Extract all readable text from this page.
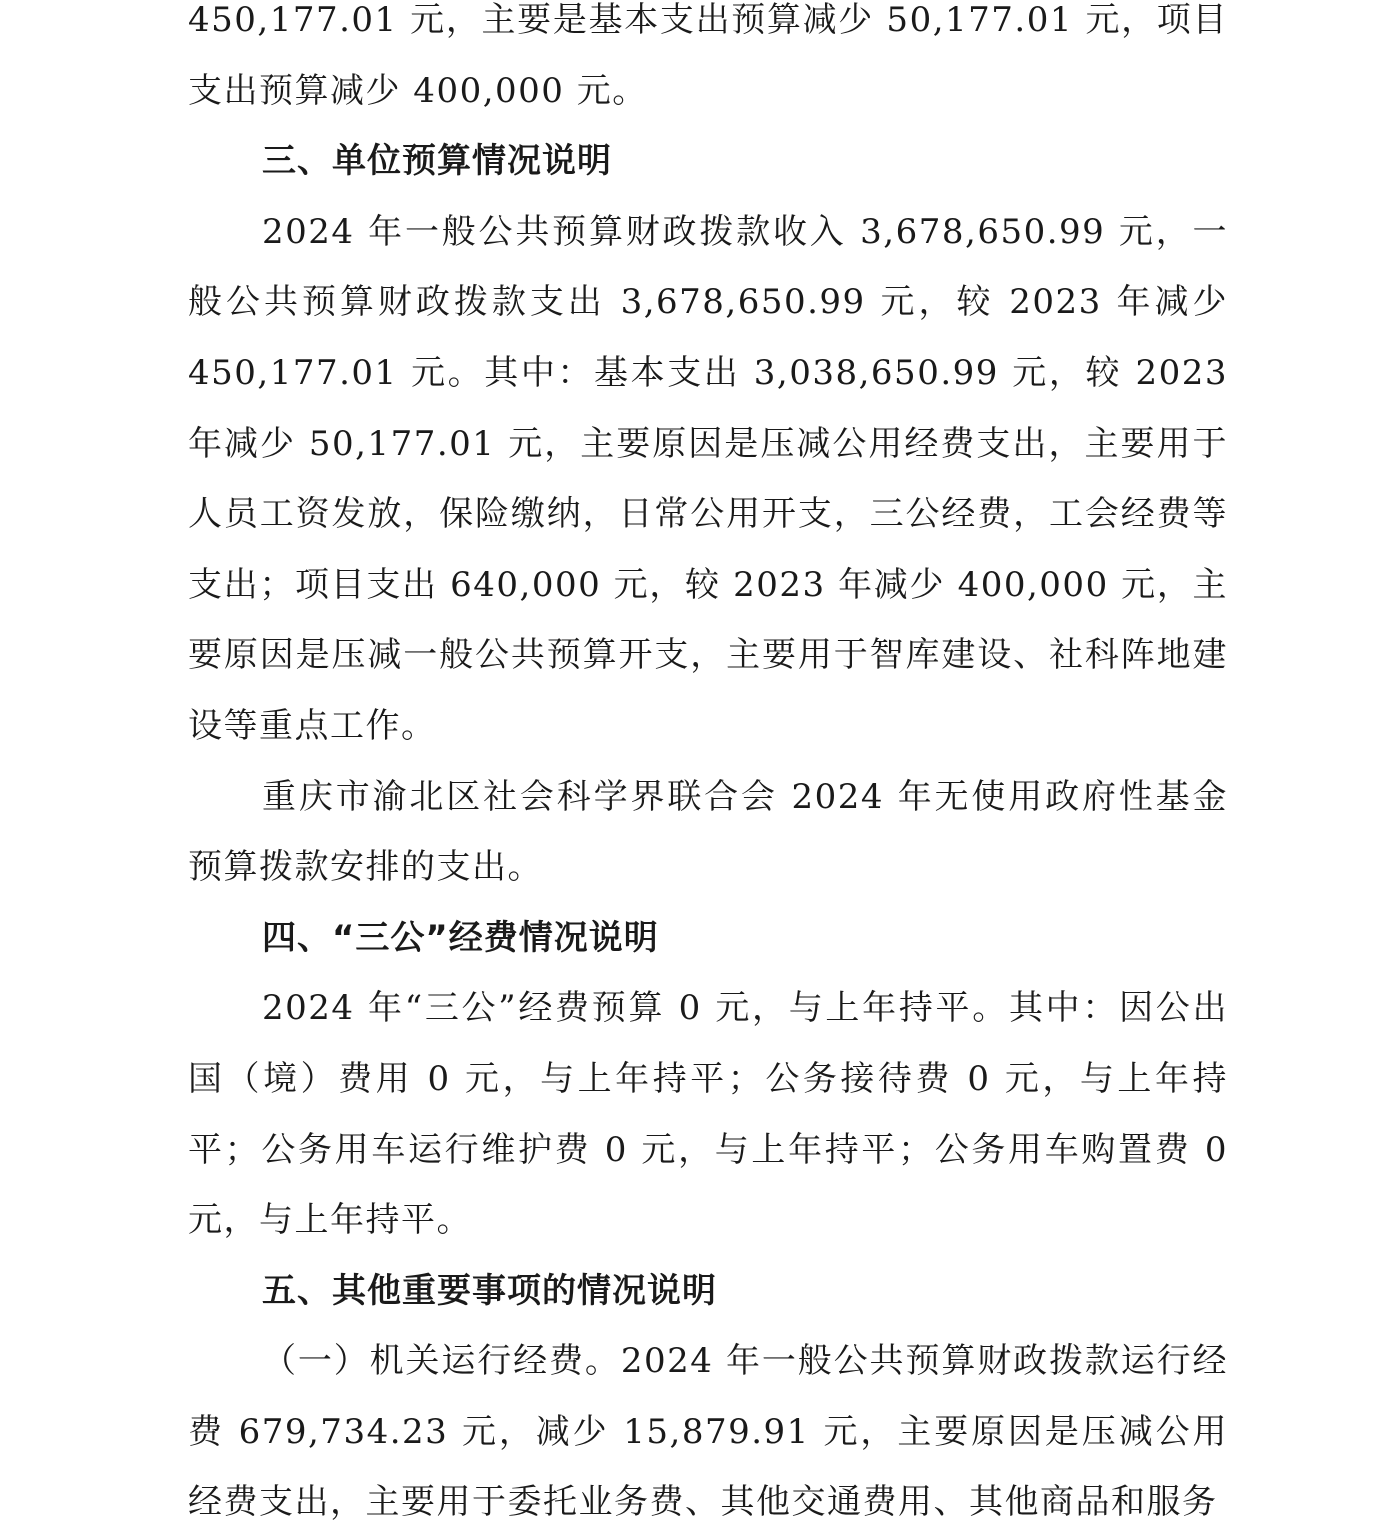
450,177.01 元，主要是基本支出预算减少 50,177.01 元，项目支出预算减少 400,000 元。

三、单位预算情况说明

2024 年一般公共预算财政拨款收入 3,678,650.99 元，一般公共预算财政拨款支出 3,678,650.99 元，较 2023 年减少 450,177.01 元。其中：基本支出 3,038,650.99 元，较 2023 年减少 50,177.01 元，主要原因是压减公用经费支出，主要用于人员工资发放，保险缴纳，日常公用开支，三公经费，工会经费等支出；项目支出 640,000 元，较 2023 年减少 400,000 元，主要原因是压减一般公共预算开支，主要用于智库建设、社科阵地建设等重点工作。

重庆市渝北区社会科学界联合会 2024 年无使用政府性基金预算拨款安排的支出。

四、“三公”经费情况说明

2024 年“三公”经费预算 0 元，与上年持平。其中：因公出国（境）费用 0 元，与上年持平；公务接待费 0 元，与上年持平；公务用车运行维护费 0 元，与上年持平；公务用车购置费 0 元，与上年持平。

五、其他重要事项的情况说明

（一）机关运行经费。2024 年一般公共预算财政拨款运行经费 679,734.23 元，减少 15,879.91 元，主要原因是压减公用经费支出，主要用于委托业务费、其他交通费用、其他商品和服务
